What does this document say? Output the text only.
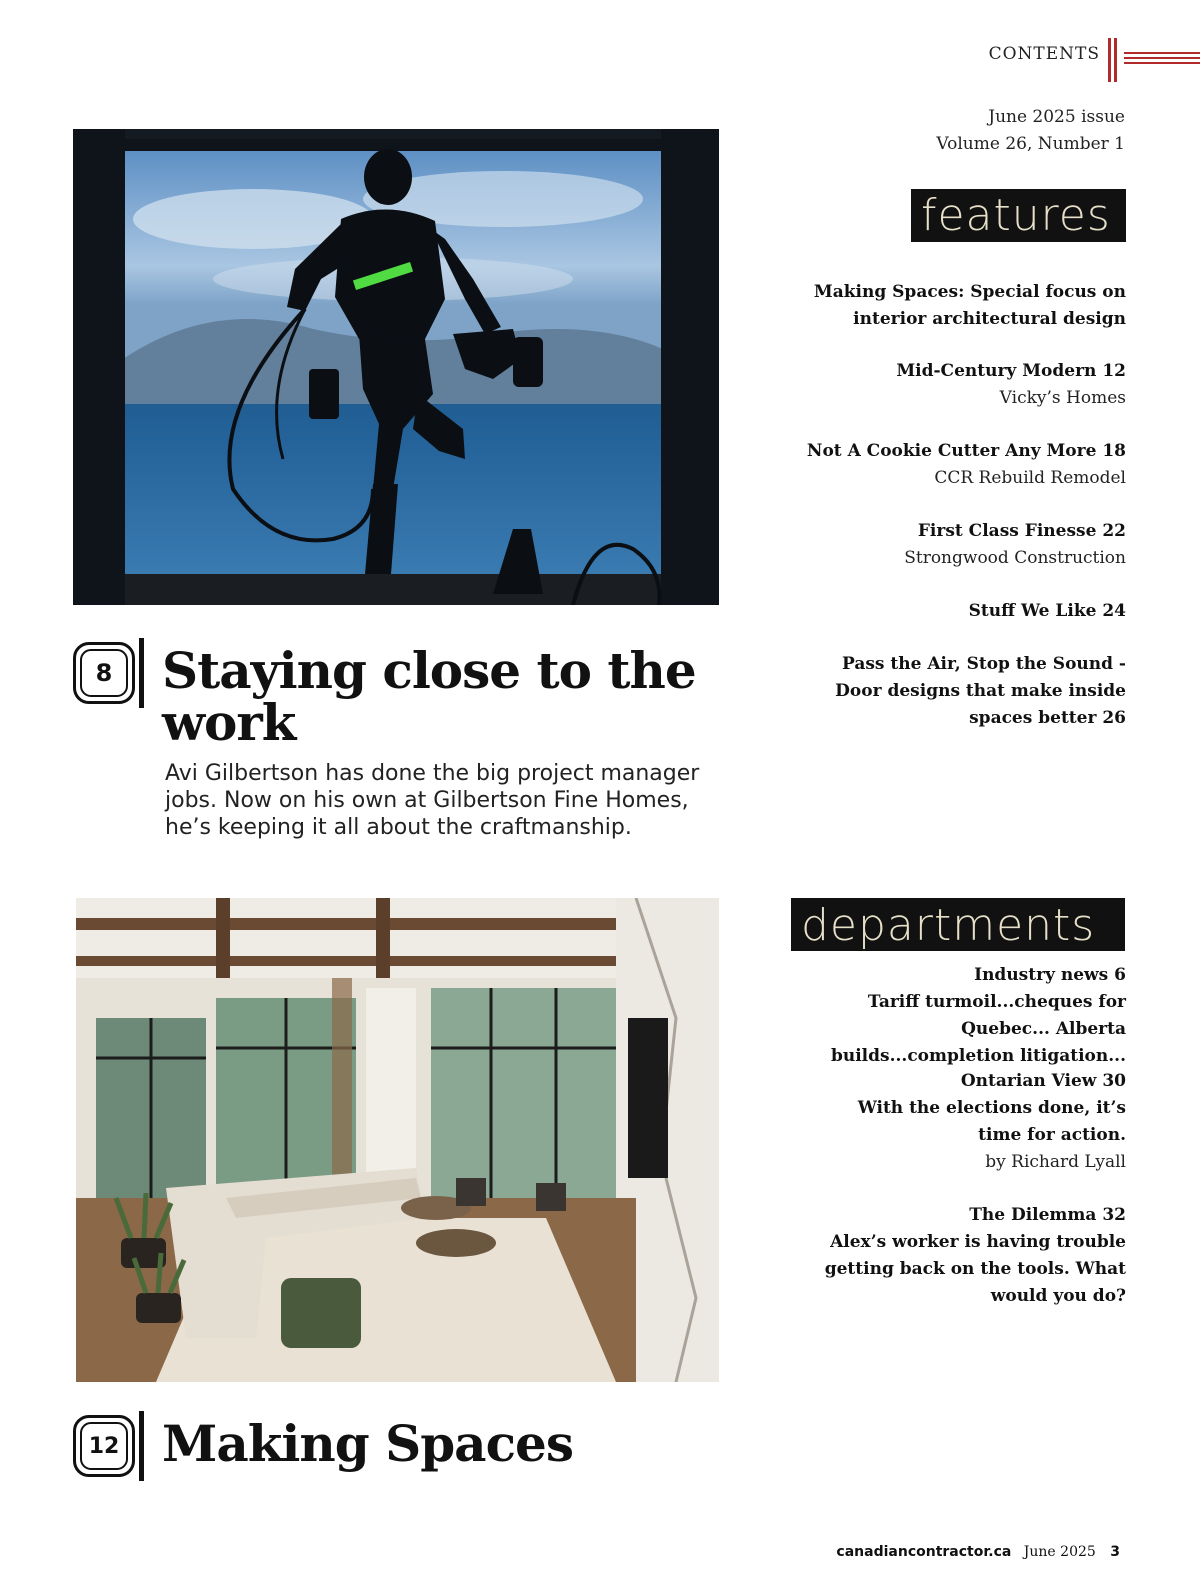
CONTENTS
June 2025 issue
Volume 26, Number 1
features
Making Spaces: Special focus on interior architectural design
Mid-Century Modern 12
Vicky’s Homes
Not A Cookie Cutter Any More 18
CCR Rebuild Remodel
First Class Finesse 22
Strongwood Construction
Stuff We Like 24
Pass the Air, Stop the Sound - Door designs that make inside spaces better 26
departments
Industry news 6
Tariff turmoil...cheques for Quebec... Alberta builds...completion litigation...
Ontarian View 30
With the elections done, it’s time for action.
by Richard Lyall
The Dilemma 32
Alex’s worker is having trouble getting back on the tools. What would you do?
8 Staying close to the
work
Avi Gilbertson has done the big project manager jobs. Now on his own at Gilbertson Fine Homes, he’s keeping it all about the craftmanship.
12 Making Spaces
canadiancontractor.ca June 2025 3
